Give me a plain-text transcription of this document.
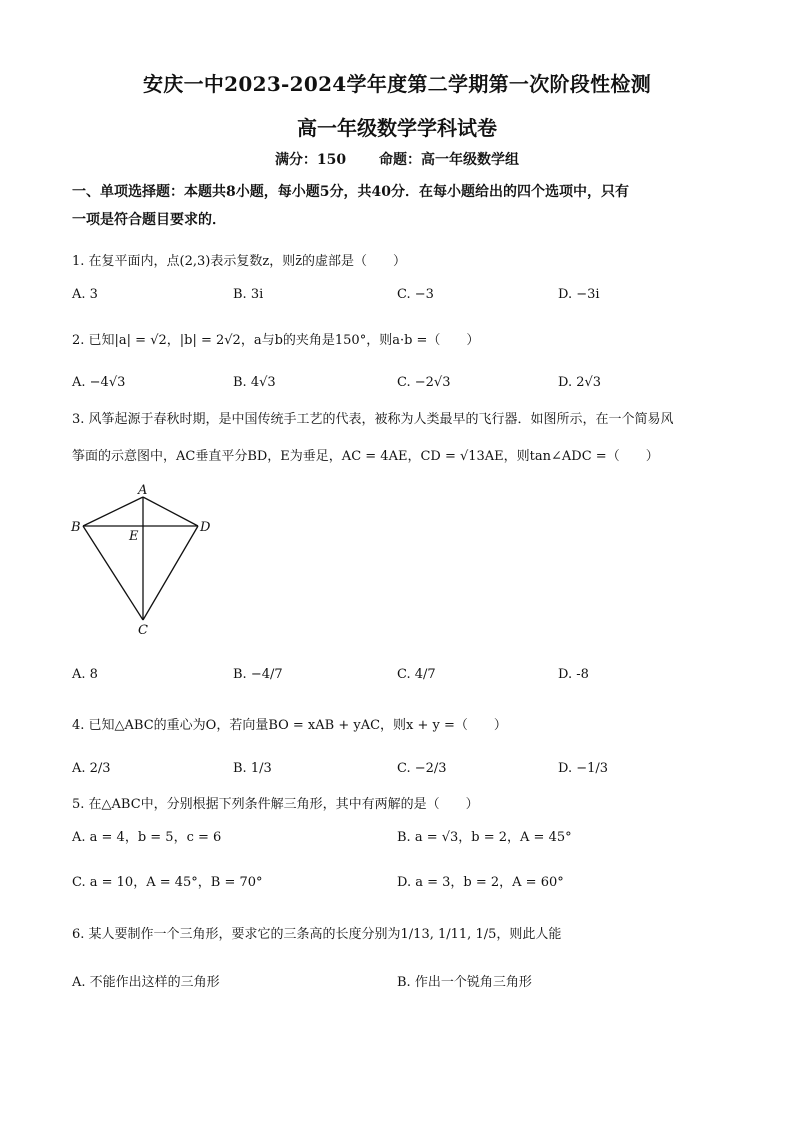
安庆一中2023-2024学年度第二学期第一次阶段性检测
高一年级数学学科试卷
满分：150 命题：高一年级数学组
一、单项选择题：本题共8小题，每小题5分，共40分．在每小题给出的四个选项中，只有
一项是符合题目要求的．
1. 在复平面内，点(2,3)表示复数z，则z̄的虚部是（　　）
A. 3	B. 3i	C. −3	D. −3i
2. 已知|a| = √2，|b| = 2√2，a与b的夹角是150°，则a·b =（　　）
A. −4√3	B. 4√3	C. −2√3	D. 2√3
3. 风筝起源于春秋时期，是中国传统手工艺的代表，被称为人类最早的飞行器．如图所示，在一个简易风
筝面的示意图中，AC垂直平分BD，E为垂足，AC = 4AE，CD = √13AE，则tan∠ADC =（　　）
A
B
E
D
C
A. 8	B. −4/7	C. 4/7	D. -8
4. 已知△ABC的重心为O，若向量BO = xAB + yAC，则x + y =（　　）
A. 2/3	B. 1/3	C. −2/3	D. −1/3
5. 在△ABC中，分别根据下列条件解三角形，其中有两解的是（　　）
A. a = 4，b = 5，c = 6	B. a = √3，b = 2，A = 45°
C. a = 10，A = 45°，B = 70°	D. a = 3，b = 2，A = 60°
6. 某人要制作一个三角形，要求它的三条高的长度分别为1/13, 1/11, 1/5，则此人能
A. 不能作出这样的三角形	B. 作出一个锐角三角形
